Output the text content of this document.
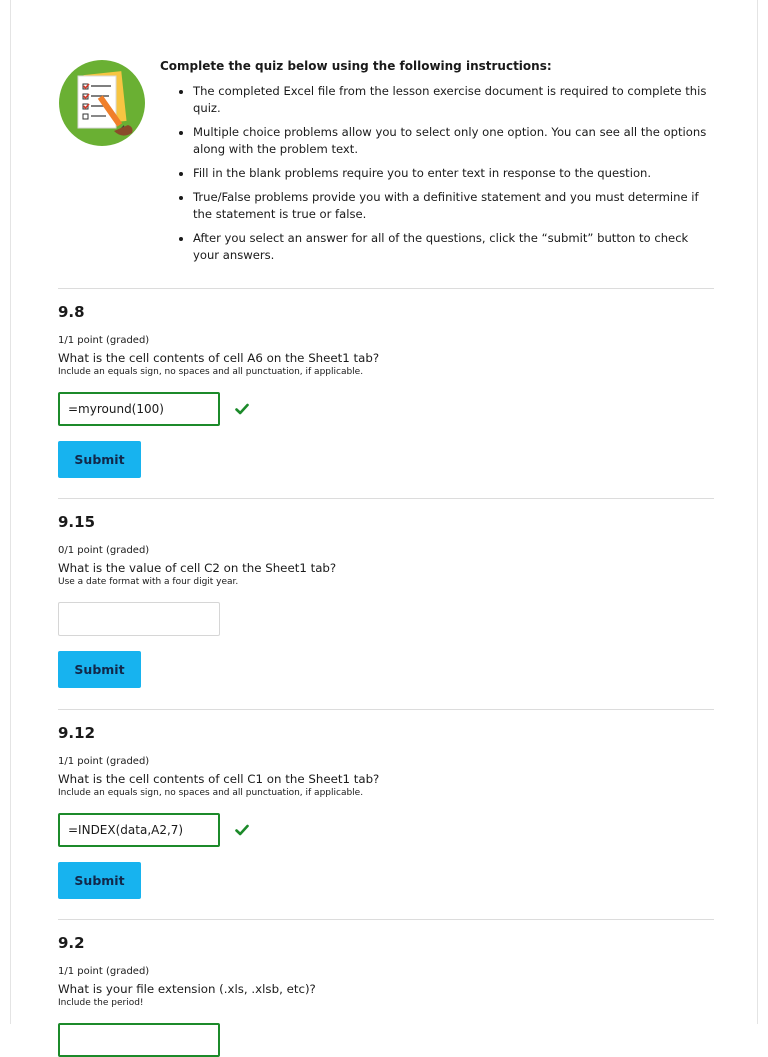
Complete the quiz below using the following instructions:
• The completed Excel file from the lesson exercise document is required to complete this quiz.
• Multiple choice problems allow you to select only one option. You can see all the options along with the problem text.
• Fill in the blank problems require you to enter text in response to the question.
• True/False problems provide you with a definitive statement and you must determine if the statement is true or false.
• After you select an answer for all of the questions, click the “submit” button to check your answers.
9.8
1/1 point (graded)
What is the cell contents of cell A6 on the Sheet1 tab?
Include an equals sign, no spaces and all punctuation, if applicable.
=myround(100)
Submit
9.15
0/1 point (graded)
What is the value of cell C2 on the Sheet1 tab?
Use a date format with a four digit year.
Submit
9.12
1/1 point (graded)
What is the cell contents of cell C1 on the Sheet1 tab?
Include an equals sign, no spaces and all punctuation, if applicable.
=INDEX(data,A2,7)
Submit
9.2
1/1 point (graded)
What is your file extension (.xls, .xlsb, etc)?
Include the period!
